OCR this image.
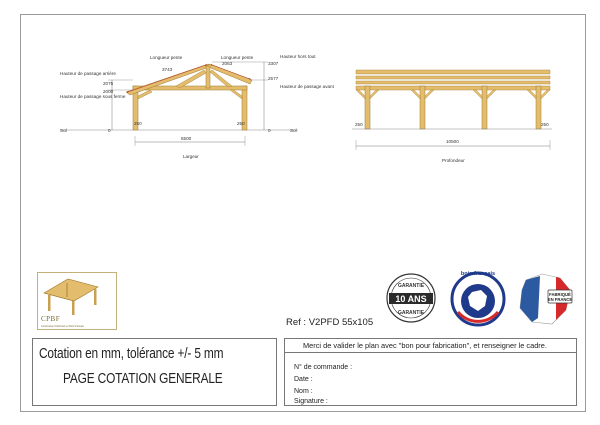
Longueur pente	Longueur pente	Hauteur hors tout
Hauteur de passage arrière
Hauteur de passage sous ferme
Hauteur de passage avant
Sol	Sol
Largeur
3743
2063	3307
2075
2000
2577
250	250
0	0
5500
250	250
10500
Profondeur
CPBF
Constructeur Fabricant en Bois Français
10 ANS
GARANTIE
GARANTIE
bois-français
FABRIQUÉ
EN FRANCE
Ref : V2PFD 55x105
Cotation en mm, tolérance +/- 5 mm
PAGE COTATION GENERALE
Merci de valider le plan avec "bon pour fabrication", et renseigner le cadre.
N° de commande :
Date :
Nom :
Signature :
